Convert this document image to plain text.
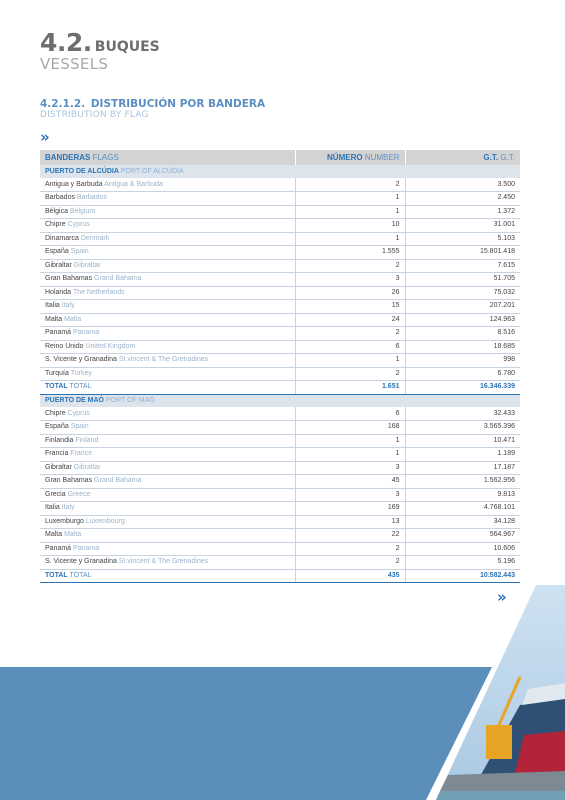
4.2. BUQUES
VESSELS
4.2.1.2. DISTRIBUCIÓN POR BANDERA
DISTRIBUTION BY FLAG
»
BANDERAS FLAGS	NÚMERO NUMBER	G.T. G.T.
PUERTO DE ALCÚDIA PORT OF ALCÚDIA		
Antigua y Barbuda Antigua & Barbuda	2	3.500
Barbados Barbados	1	2.450
Bélgica Belgium	1	1.372
Chipre Cyprus	10	31.001
Dinamarca Denmark	1	5.103
España Spain	1.555	15.801.418
Gibraltar Gibraltar	2	7.615
Gran Bahamas Grand Bahama	3	51.705
Holanda The Netherlands	26	75.032
Italia Italy	15	207.201
Malta Malta	24	124.963
Panamá Panama	2	8.516
Reino Unido United Kingdom	6	18.685
S. Vicente y Granadina St.vincent & The Grenadines	1	998
Turquía Turkey	2	6.780
TOTAL TOTAL	1.651	16.346.339
PUERTO DE MAÓ PORT OF MAÓ		
Chipre Cyprus	6	32.433
España Spain	168	3.565.396
Finlandia Finland	1	10.471
Francia France	1	1.189
Gibraltar Gibraltar	3	17.187
Gran Bahamas Grand Bahama	45	1.562.956
Grecia Greece	3	9.813
Italia Italy	169	4.768.101
Luxemburgo Luxembourg	13	34.128
Malta Malta	22	564.967
Panamá Panama	2	10.606
S. Vicente y Granadina St.vincent & The Grenadines	2	5.196
TOTAL TOTAL	435	10.582.443
»
